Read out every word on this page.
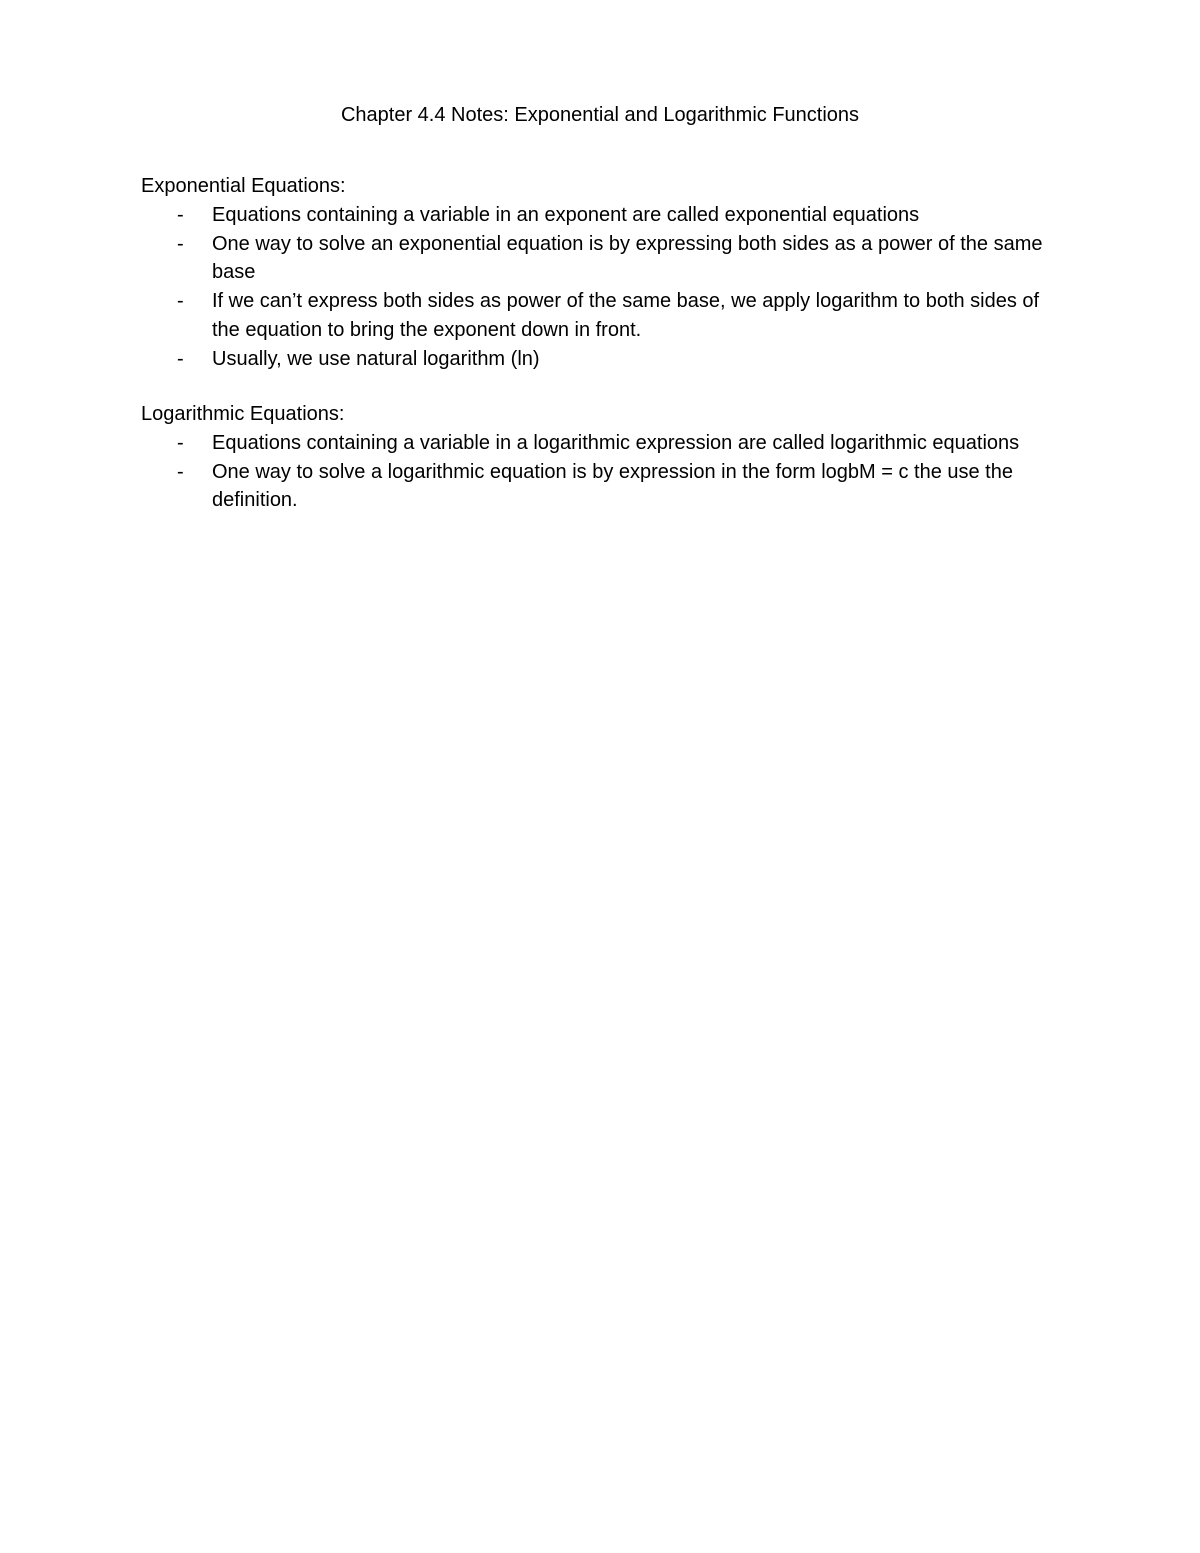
Chapter 4.4 Notes: Exponential and Logarithmic Functions

Exponential Equations:

-	Equations containing a variable in an exponent are called exponential equations
-	One way to solve an exponential equation is by expressing both sides as a power of the same base
-	If we can’t express both sides as power of the same base, we apply logarithm to both sides of the equation to bring the exponent down in front.
-	Usually, we use natural logarithm (ln)

Logarithmic Equations:

-	Equations containing a variable in a logarithmic expression are called logarithmic equations
-	One way to solve a logarithmic equation is by expression in the form logbM = c the use the definition.
